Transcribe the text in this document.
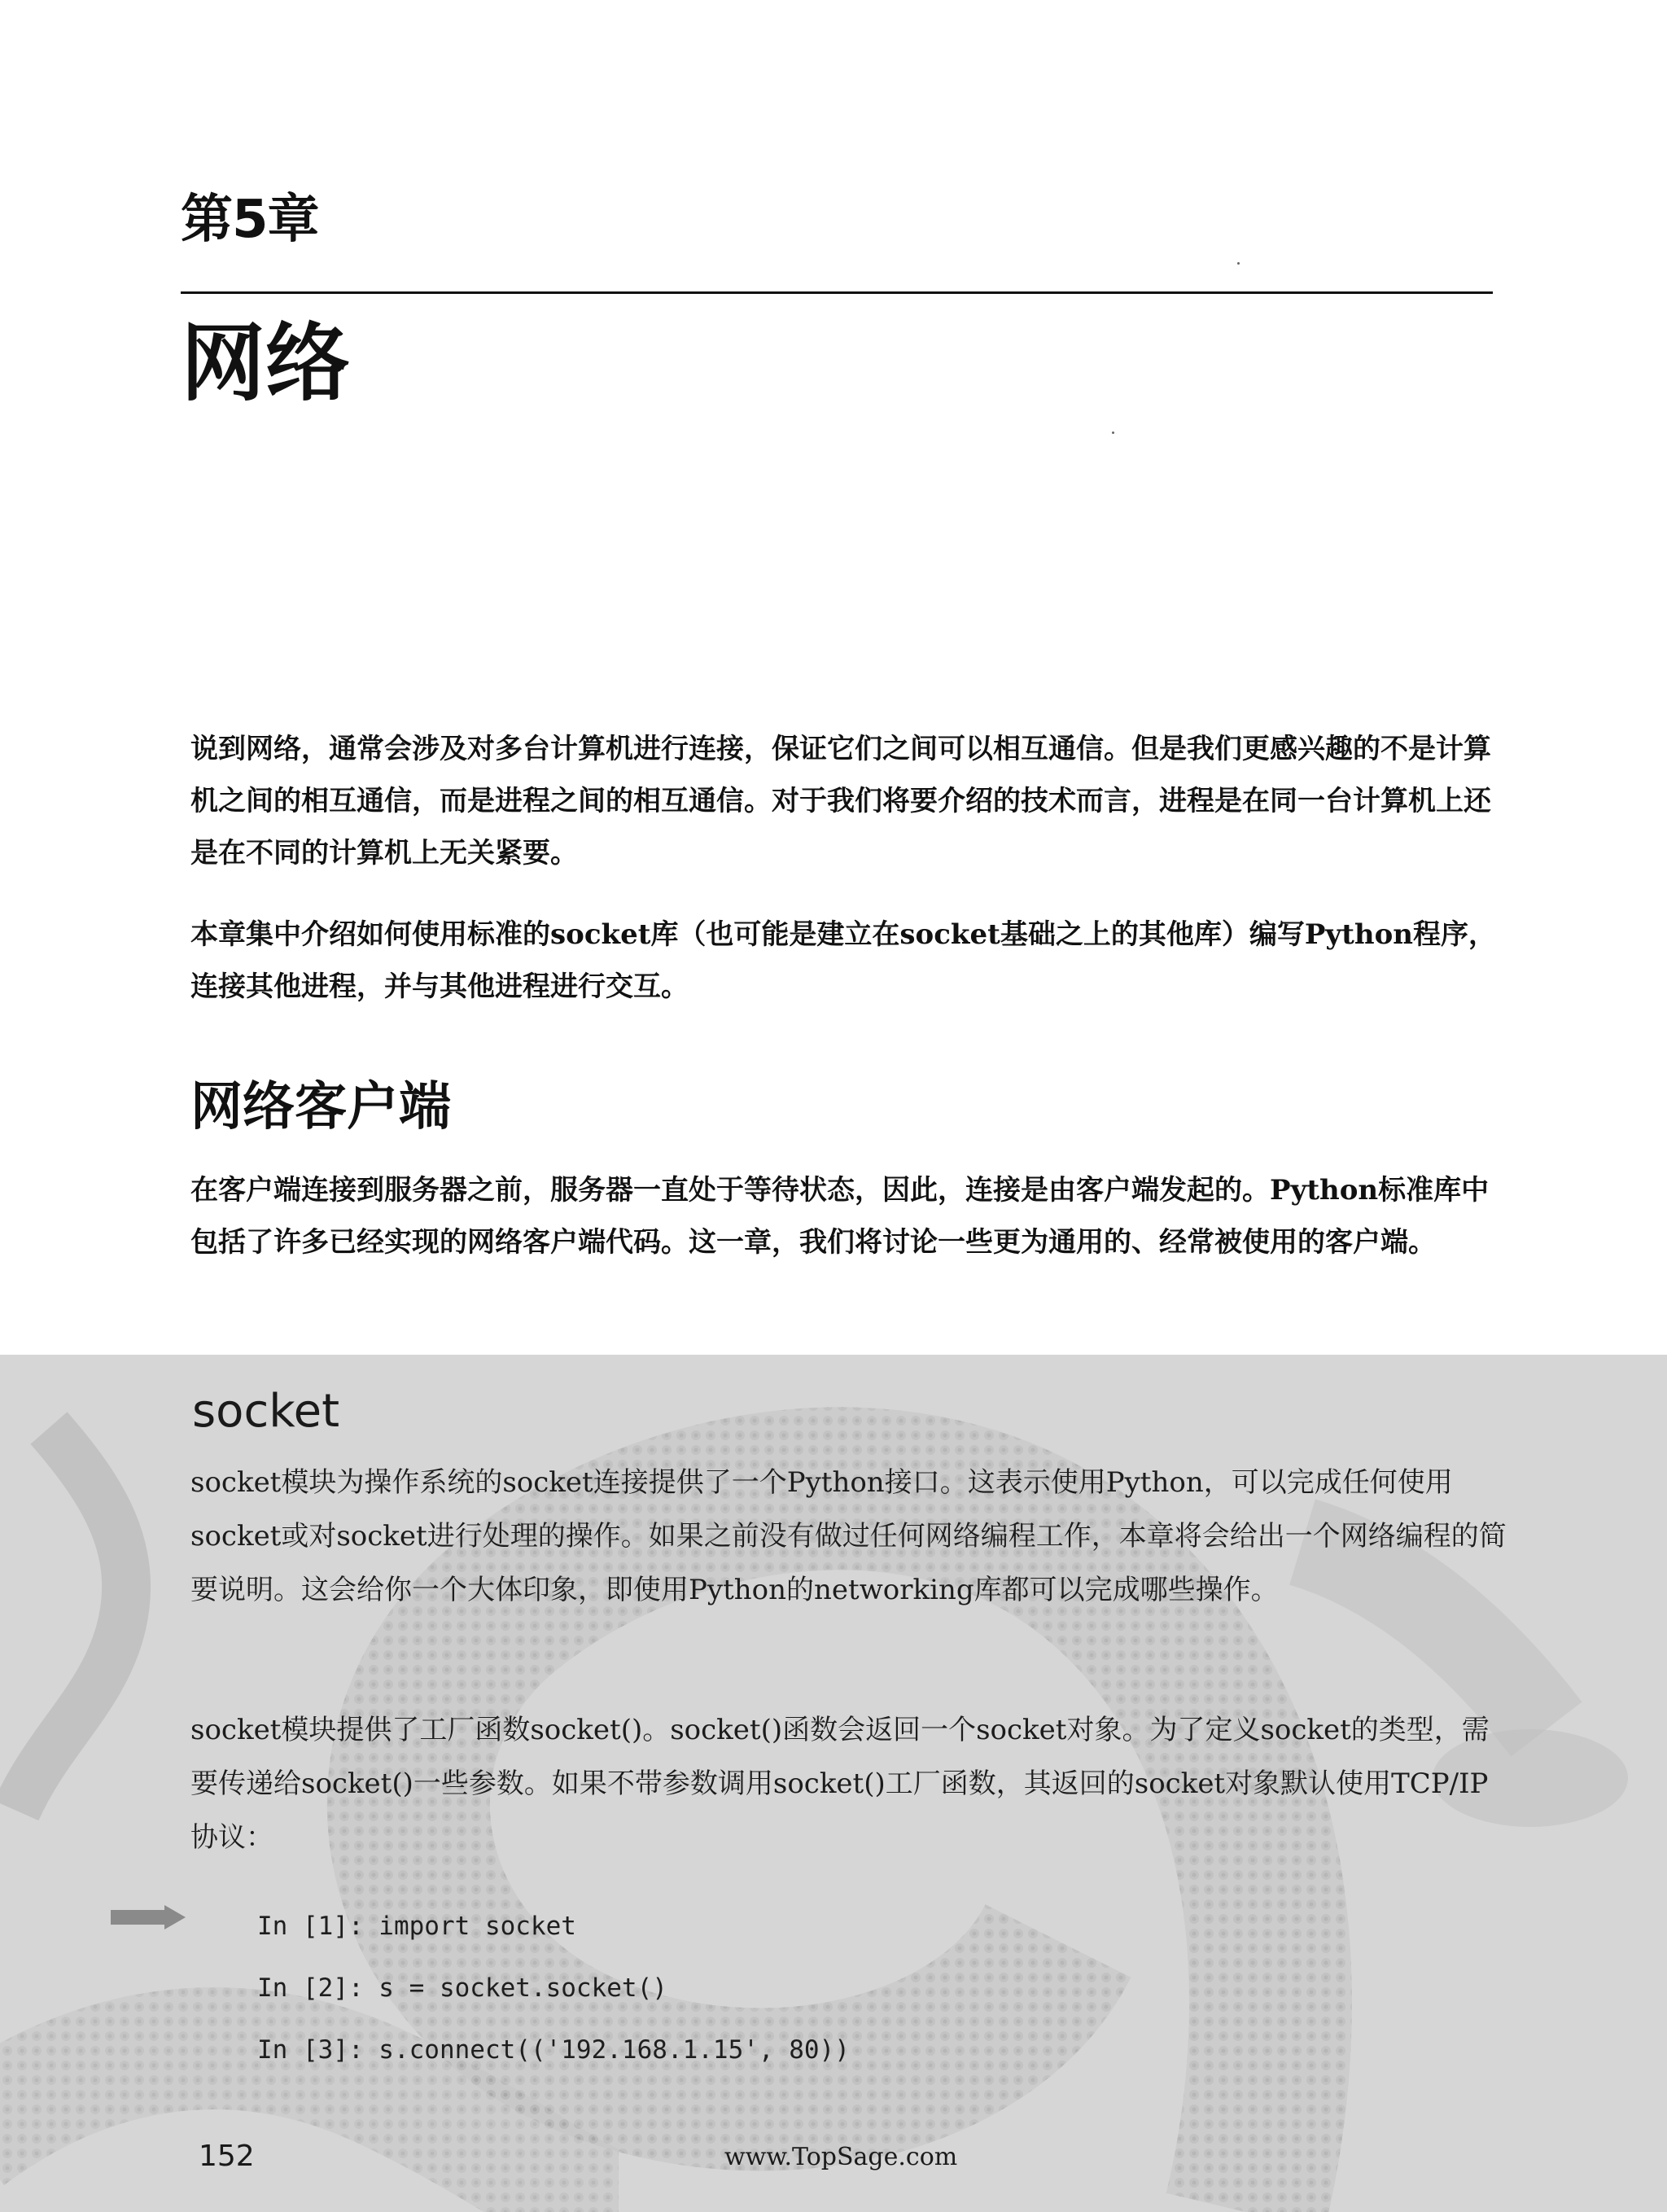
第5章
网络

说到网络，通常会涉及对多台计算机进行连接，保证它们之间可以相互通信。但是我们更感兴趣的不是计算机之间的相互通信，而是进程之间的相互通信。对于我们将要介绍的技术而言，进程是在同一台计算机上还是在不同的计算机上无关紧要。

本章集中介绍如何使用标准的socket库（也可能是建立在socket基础之上的其他库）编写Python程序，连接其他进程，并与其他进程进行交互。

网络客户端

在客户端连接到服务器之前，服务器一直处于等待状态，因此，连接是由客户端发起的。Python标准库中包括了许多已经实现的网络客户端代码。这一章，我们将讨论一些更为通用的、经常被使用的客户端。

socket

socket模块为操作系统的socket连接提供了一个Python接口。这表示使用Python，可以完成任何使用socket或对socket进行处理的操作。如果之前没有做过任何网络编程工作，本章将会给出一个网络编程的简要说明。这会给你一个大体印象，即使用Python的networking库都可以完成哪些操作。

socket模块提供了工厂函数socket()。socket()函数会返回一个socket对象。为了定义socket的类型，需要传递给socket()一些参数。如果不带参数调用socket()工厂函数，其返回的socket对象默认使用TCP/IP协议：

In [1]: import socket
In [2]: s = socket.socket()
In [3]: s.connect(('192.168.1.15', 80))
152	www.TopSage.com
